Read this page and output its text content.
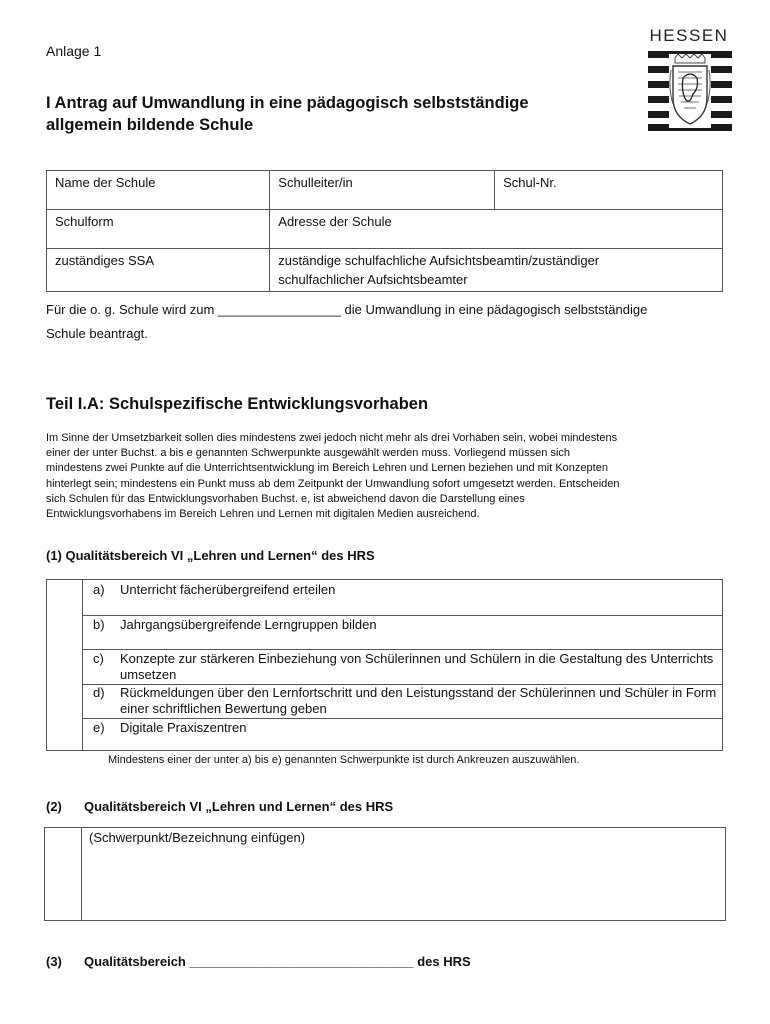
Anlage 1
I Antrag auf Umwandlung in eine pädagogisch selbstständige allgemein bildende Schule
HESSEN
Name der Schule	Schulleiter/in	Schul-Nr.
Schulform	Adresse der Schule	
zuständiges SSA	zuständige schulfachliche Aufsichtsbeamtin/zuständiger schulfachlicher Aufsichtsbeamter	
Für die o. g. Schule wird zum _________________ die Umwandlung in eine pädagogisch selbstständige
Schule beantragt.
Teil I.A: Schulspezifische Entwicklungsvorhaben
Im Sinne der Umsetzbarkeit sollen dies mindestens zwei jedoch nicht mehr als drei Vorhaben sein, wobei mindestens
einer der unter Buchst. a bis e genannten Schwerpunkte ausgewählt werden muss. Vorliegend müssen sich
mindestens zwei Punkte auf die Unterrichtsentwicklung im Bereich Lehren und Lernen beziehen und mit Konzepten
hinterlegt sein; mindestens ein Punkt muss ab dem Zeitpunkt der Umwandlung sofort umgesetzt werden. Entscheiden
sich Schulen für das Entwicklungsvorhaben Buchst. e, ist abweichend davon die Darstellung eines
Entwicklungsvorhabens im Bereich Lehren und Lernen mit digitalen Medien ausreichend.
(1) Qualitätsbereich VI „Lehren und Lernen“ des HRS
a) Unterricht fächerübergreifend erteilen
b) Jahrgangsübergreifende Lerngruppen bilden
c) Konzepte zur stärkeren Einbeziehung von Schülerinnen und Schülern in die Gestaltung des Unterrichts umsetzen
d) Rückmeldungen über den Lernfortschritt und den Leistungsstand der Schülerinnen und Schüler in Form einer schriftlichen Bewertung geben
e) Digitale Praxiszentren
Mindestens einer der unter a) bis e) genannten Schwerpunkte ist durch Ankreuzen auszuwählen.
(2) Qualitätsbereich VI „Lehren und Lernen“ des HRS
(Schwerpunkt/Bezeichnung einfügen)
(3) Qualitätsbereich _______________________________ des HRS
